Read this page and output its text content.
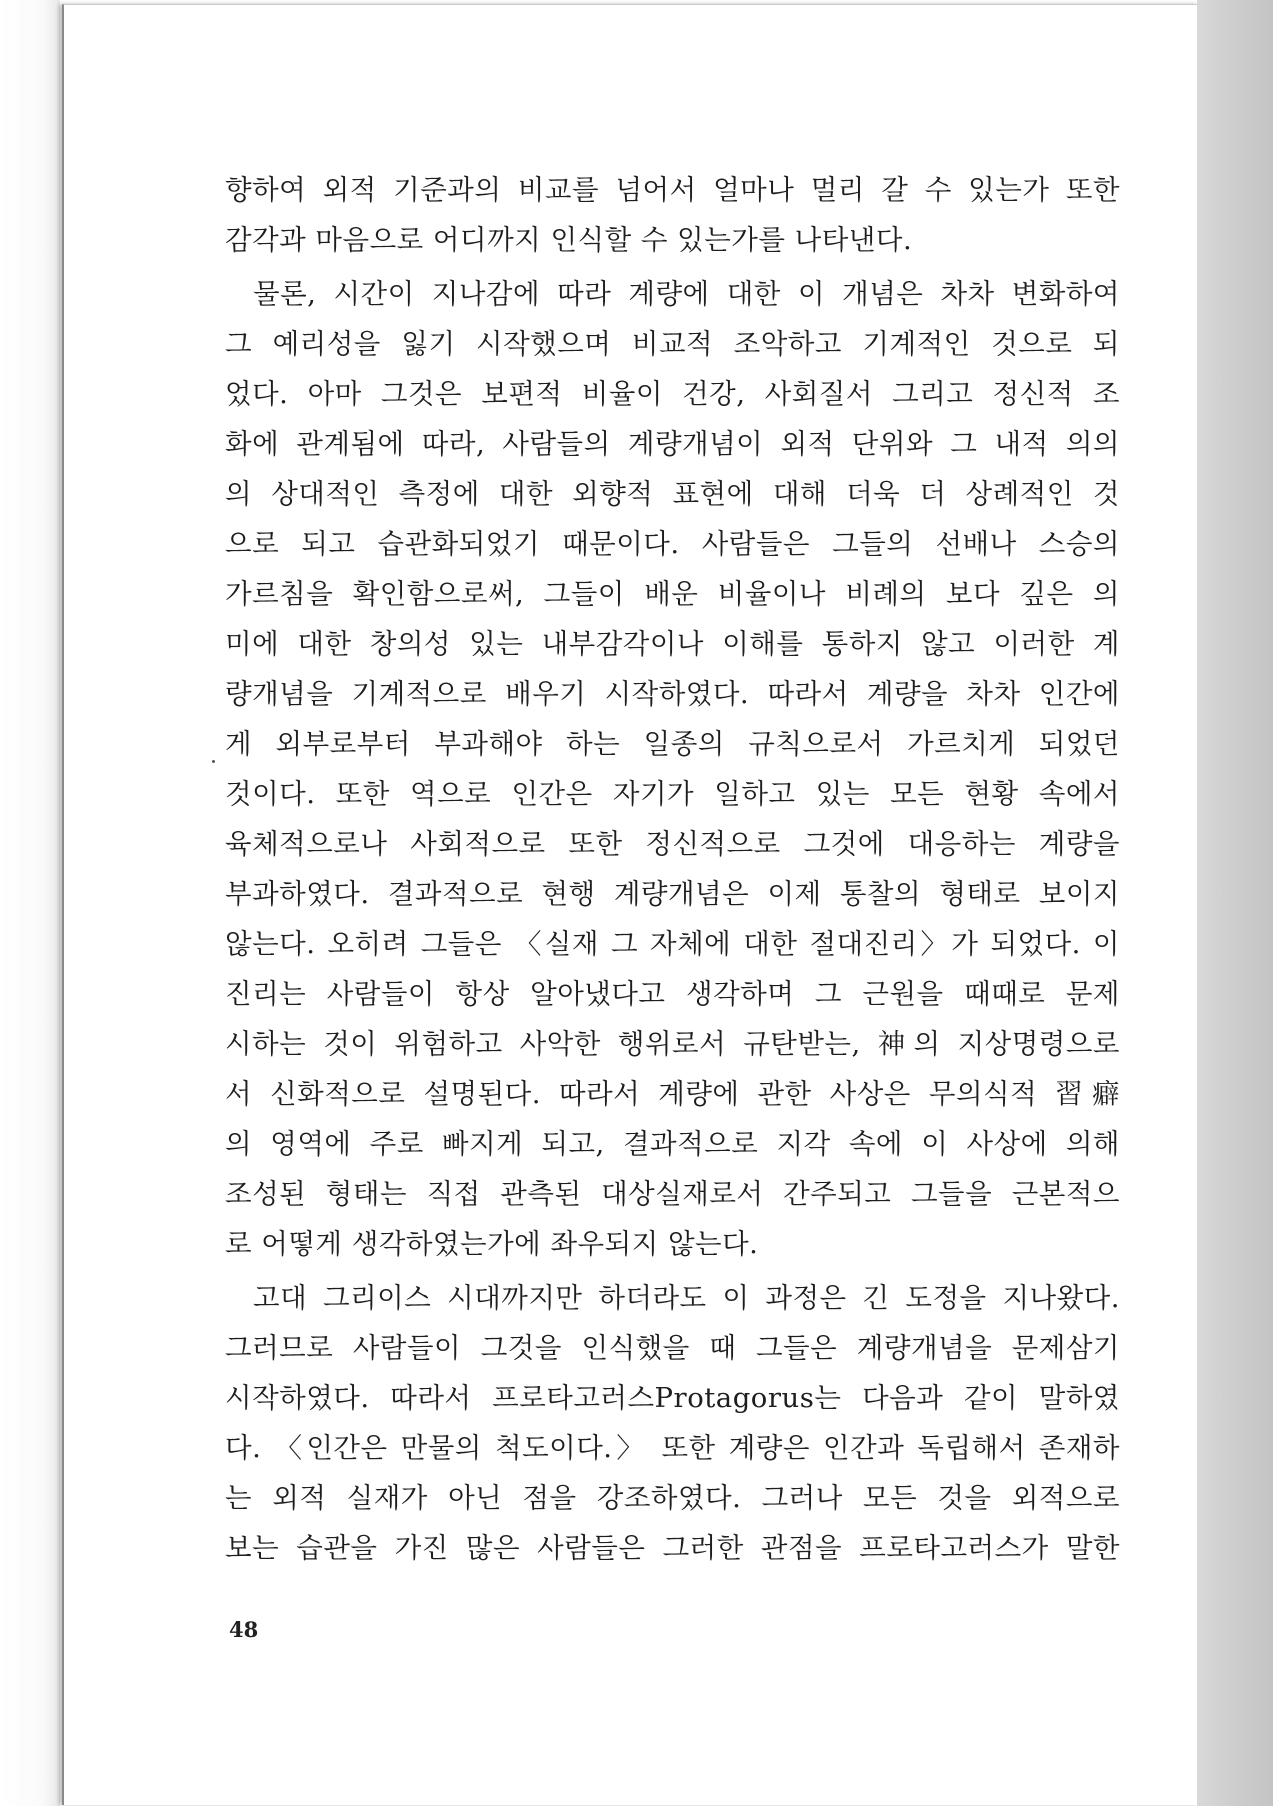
향하여 외적 기준과의 비교를 넘어서 얼마나 멀리 갈 수 있는가 또한
감각과 마음으로 어디까지 인식할 수 있는가를 나타낸다.
물론, 시간이 지나감에 따라 계량에 대한 이 개념은 차차 변화하여
그 예리성을 잃기 시작했으며 비교적 조악하고 기계적인 것으로 되
었다. 아마 그것은 보편적 비율이 건강, 사회질서 그리고 정신적 조
화에 관계됨에 따라, 사람들의 계량개념이 외적 단위와 그 내적 의의
의 상대적인 측정에 대한 외향적 표현에 대해 더욱 더 상례적인 것
으로 되고 습관화되었기 때문이다. 사람들은 그들의 선배나 스승의
가르침을 확인함으로써, 그들이 배운 비율이나 비례의 보다 깊은 의
미에 대한 창의성 있는 내부감각이나 이해를 통하지 않고 이러한 계
량개념을 기계적으로 배우기 시작하였다. 따라서 계량을 차차 인간에
게 외부로부터 부과해야 하는 일종의 규칙으로서 가르치게 되었던
것이다. 또한 역으로 인간은 자기가 일하고 있는 모든 현황 속에서
육체적으로나 사회적으로 또한 정신적으로 그것에 대응하는 계량을
부과하였다. 결과적으로 현행 계량개념은 이제 통찰의 형태로 보이지
않는다. 오히려 그들은 〈실재 그 자체에 대한 절대진리〉가 되었다. 이
진리는 사람들이 항상 알아냈다고 생각하며 그 근원을 때때로 문제
시하는 것이 위험하고 사악한 행위로서 규탄받는, 神의 지상명령으로
서 신화적으로 설명된다. 따라서 계량에 관한 사상은 무의식적 習癖
의 영역에 주로 빠지게 되고, 결과적으로 지각 속에 이 사상에 의해
조성된 형태는 직접 관측된 대상실재로서 간주되고 그들을 근본적으
로 어떻게 생각하였는가에 좌우되지 않는다.
고대 그리이스 시대까지만 하더라도 이 과정은 긴 도정을 지나왔다.
그러므로 사람들이 그것을 인식했을 때 그들은 계량개념을 문제삼기
시작하였다. 따라서 프로타고러스Protagorus는 다음과 같이 말하였
다. 〈인간은 만물의 척도이다.〉 또한 계량은 인간과 독립해서 존재하
는 외적 실재가 아닌 점을 강조하였다. 그러나 모든 것을 외적으로
보는 습관을 가진 많은 사람들은 그러한 관점을 프로타고러스가 말한
48
